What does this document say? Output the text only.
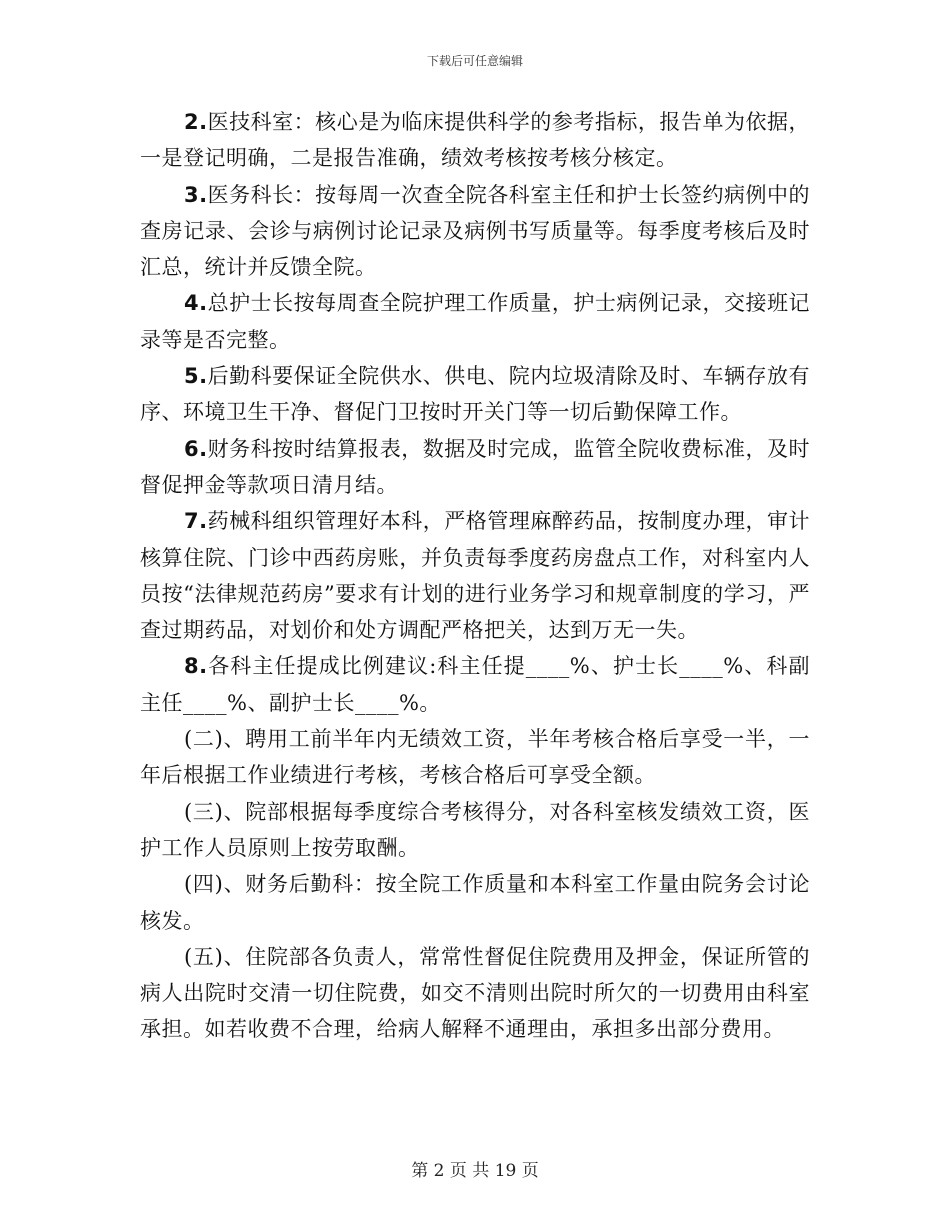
下载后可任意编辑

2.医技科室：核心是为临床提供科学的参考指标，报告单为依据，一是登记明确，二是报告准确，绩效考核按考核分核定。

3.医务科长：按每周一次查全院各科室主任和护士长签约病例中的查房记录、会诊与病例讨论记录及病例书写质量等。每季度考核后及时汇总，统计并反馈全院。

4.总护士长按每周查全院护理工作质量，护士病例记录，交接班记录等是否完整。

5.后勤科要保证全院供水、供电、院内垃圾清除及时、车辆存放有序、环境卫生干净、督促门卫按时开关门等一切后勤保障工作。

6.财务科按时结算报表，数据及时完成，监管全院收费标准，及时督促押金等款项日清月结。

7.药械科组织管理好本科，严格管理麻醉药品，按制度办理，审计核算住院、门诊中西药房账，并负责每季度药房盘点工作，对科室内人员按“法律规范药房”要求有计划的进行业务学习和规章制度的学习，严查过期药品，对划价和处方调配严格把关，达到万无一失。

8.各科主任提成比例建议:科主任提____%、护士长____%、科副主任____%、副护士长____%。

(二)、聘用工前半年内无绩效工资，半年考核合格后享受一半，一年后根据工作业绩进行考核，考核合格后可享受全额。

(三)、院部根据每季度综合考核得分，对各科室核发绩效工资，医护工作人员原则上按劳取酬。

(四)、财务后勤科：按全院工作质量和本科室工作量由院务会讨论核发。

(五)、住院部各负责人，常常性督促住院费用及押金，保证所管的病人出院时交清一切住院费，如交不清则出院时所欠的一切费用由科室承担。如若收费不合理，给病人解释不通理由，承担多出部分费用。

第 2 页 共 19 页
